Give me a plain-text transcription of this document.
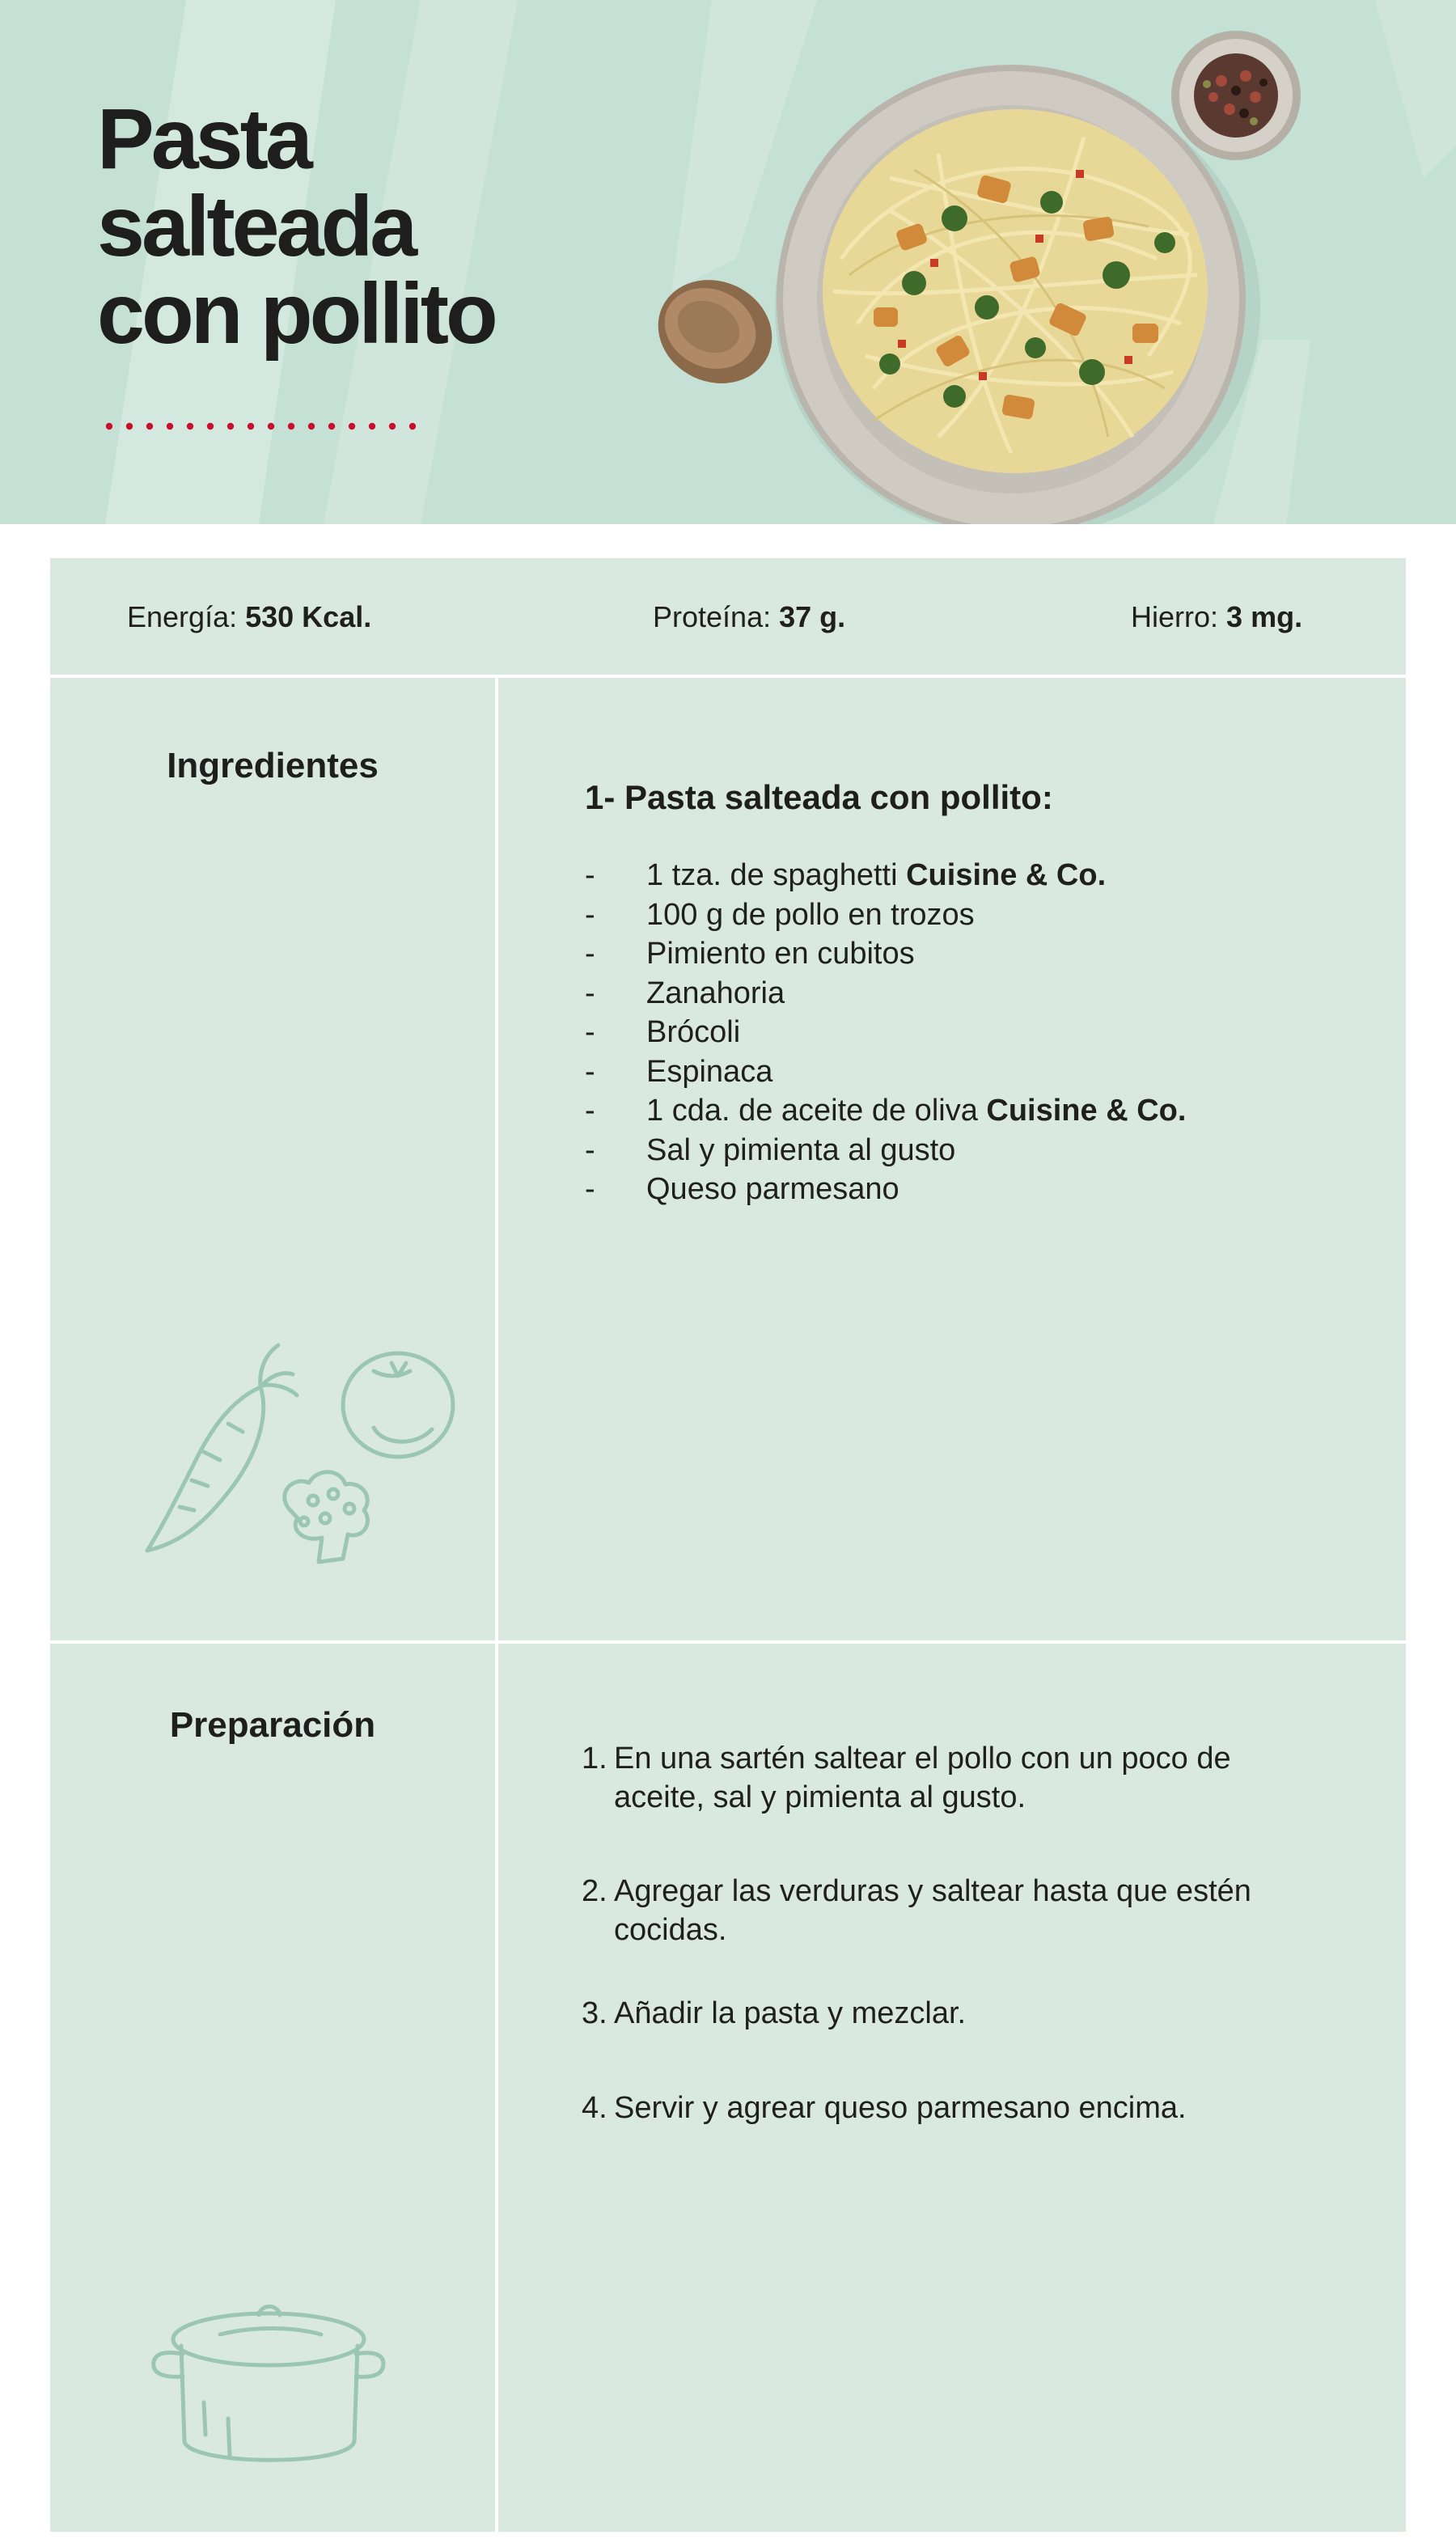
Pasta
salteada
con pollito
Energía: 530 Kcal.	Proteína: 37 g.	Hierro: 3 mg.
Ingredientes
1- Pasta salteada con pollito:
- 1 tza. de spaghetti Cuisine & Co.
- 100 g de pollo en trozos
- Pimiento en cubitos
- Zanahoria
- Brócoli
- Espinaca
- 1 cda. de aceite de oliva Cuisine & Co.
- Sal y pimienta al gusto
- Queso parmesano
Preparación
1. En una sartén saltear el pollo con un poco de aceite, sal y pimienta al gusto.
2. Agregar las verduras y saltear hasta que estén cocidas.
3. Añadir la pasta y mezclar.
4. Servir y agrear queso parmesano encima.
